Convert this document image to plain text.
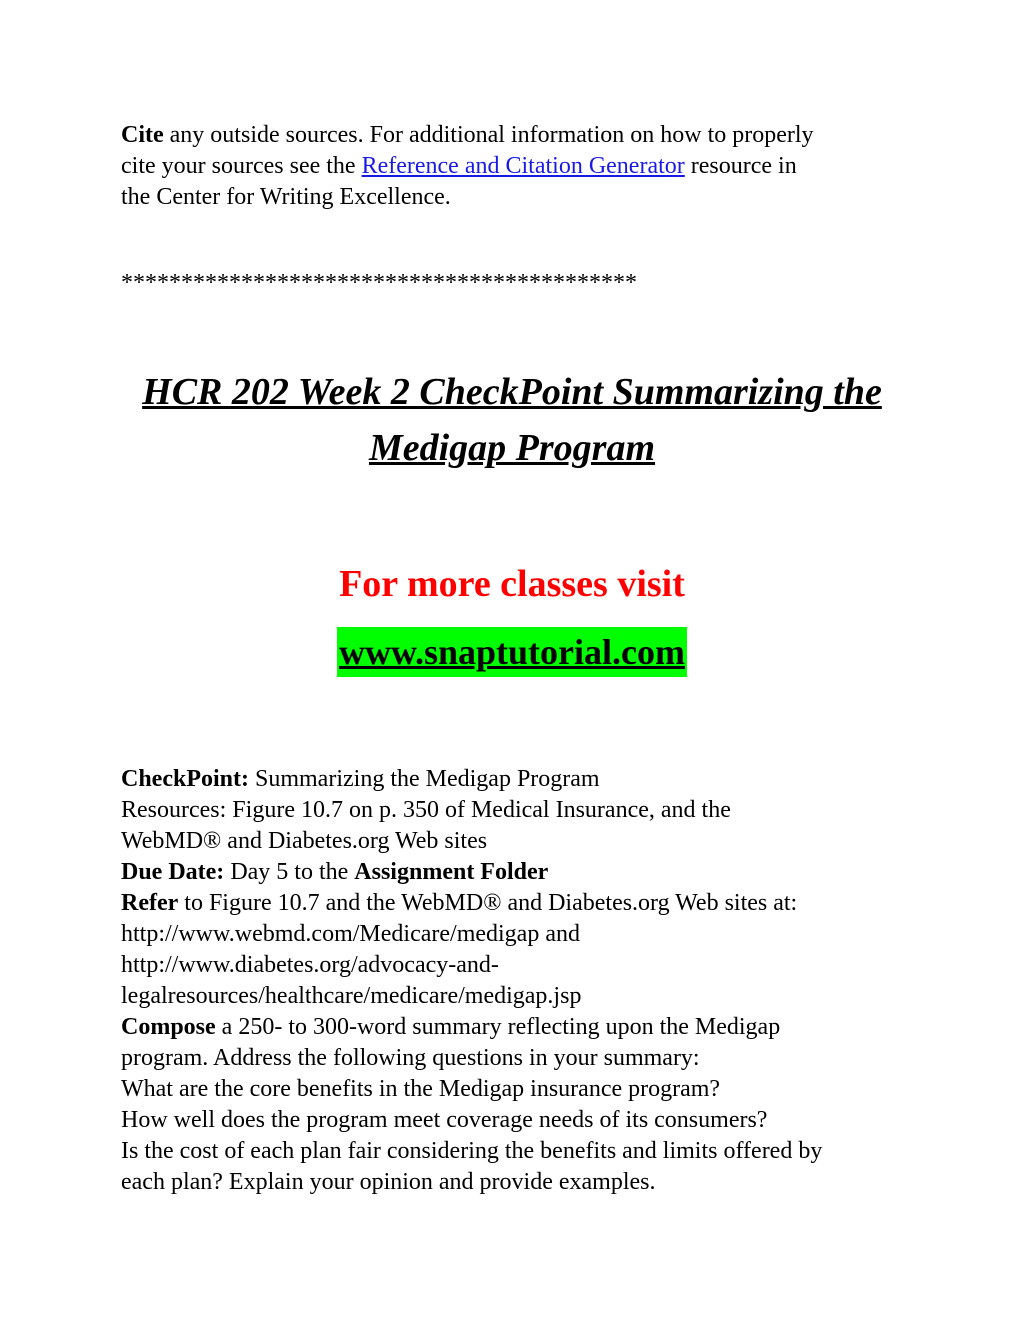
Cite any outside sources. For additional information on how to properly
cite your sources see the Reference and Citation Generator resource in
the Center for Writing Excellence.
*******************************************
HCR 202 Week 2 CheckPoint Summarizing the
Medigap Program
For more classes visit
www.snaptutorial.com
CheckPoint: Summarizing the Medigap Program
Resources: Figure 10.7 on p. 350 of Medical Insurance, and the
WebMD® and Diabetes.org Web sites
Due Date: Day 5 to the Assignment Folder
Refer to Figure 10.7 and the WebMD® and Diabetes.org Web sites at:
http://www.webmd.com/Medicare/medigap and
http://www.diabetes.org/advocacy-and-
legalresources/healthcare/medicare/medigap.jsp
Compose a 250- to 300-word summary reflecting upon the Medigap
program. Address the following questions in your summary:
What are the core benefits in the Medigap insurance program?
How well does the program meet coverage needs of its consumers?
Is the cost of each plan fair considering the benefits and limits offered by
each plan? Explain your opinion and provide examples.
